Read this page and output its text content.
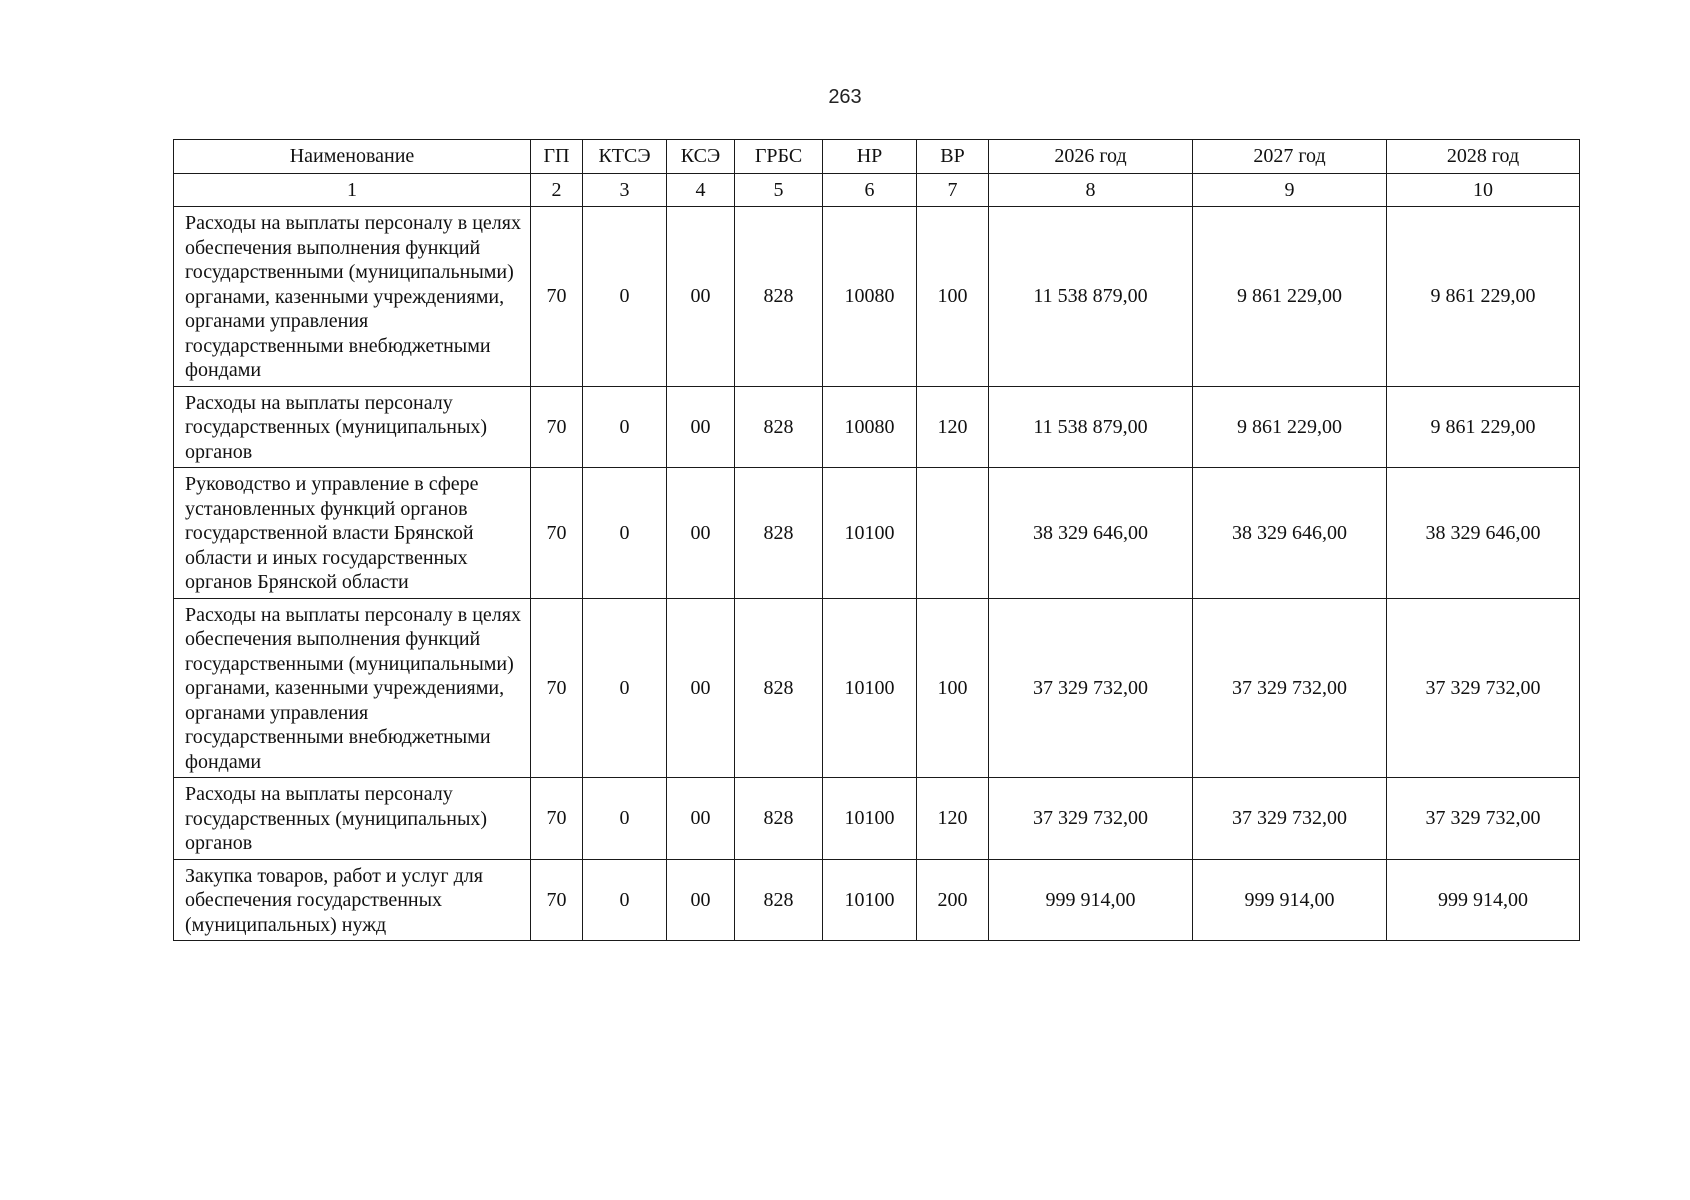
263
Наименование	ГП	КТСЭ	КСЭ	ГРБС	НР	ВР	2026 год	2027 год	2028 год
1	2	3	4	5	6	7	8	9	10
Расходы на выплаты персоналу в целях обеспечения выполнения функций государственными (муниципальными) органами, казенными учреждениями, органами управления государственными внебюджетными фондами	70	0	00	828	10080	100	11 538 879,00	9 861 229,00	9 861 229,00
Расходы на выплаты персоналу государственных (муниципальных) органов	70	0	00	828	10080	120	11 538 879,00	9 861 229,00	9 861 229,00
Руководство и управление в сфере установленных функций органов государственной власти Брянской области и иных государственных органов Брянской области	70	0	00	828	10100		38 329 646,00	38 329 646,00	38 329 646,00
Расходы на выплаты персоналу в целях обеспечения выполнения функций государственными (муниципальными) органами, казенными учреждениями, органами управления государственными внебюджетными фондами	70	0	00	828	10100	100	37 329 732,00	37 329 732,00	37 329 732,00
Расходы на выплаты персоналу государственных (муниципальных) органов	70	0	00	828	10100	120	37 329 732,00	37 329 732,00	37 329 732,00
Закупка товаров, работ и услуг для обеспечения государственных (муниципальных) нужд	70	0	00	828	10100	200	999 914,00	999 914,00	999 914,00
